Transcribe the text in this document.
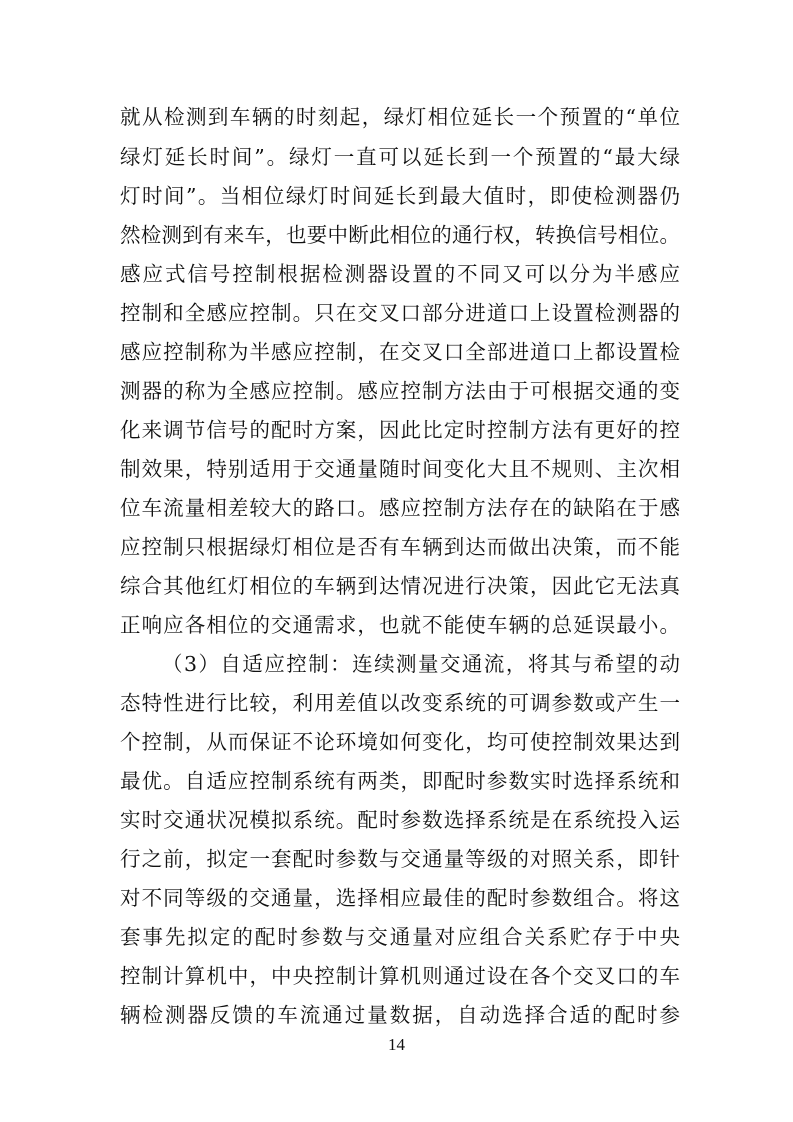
就从检测到车辆的时刻起，绿灯相位延长一个预置的“单位
绿灯延长时间”。绿灯一直可以延长到一个预置的“最大绿
灯时间”。当相位绿灯时间延长到最大值时，即使检测器仍
然检测到有来车，也要中断此相位的通行权，转换信号相位。
感应式信号控制根据检测器设置的不同又可以分为半感应
控制和全感应控制。只在交叉口部分进道口上设置检测器的
感应控制称为半感应控制，在交叉口全部进道口上都设置检
测器的称为全感应控制。感应控制方法由于可根据交通的变
化来调节信号的配时方案，因此比定时控制方法有更好的控
制效果，特别适用于交通量随时间变化大且不规则、主次相
位车流量相差较大的路口。感应控制方法存在的缺陷在于感
应控制只根据绿灯相位是否有车辆到达而做出决策，而不能
综合其他红灯相位的车辆到达情况进行决策，因此它无法真
正响应各相位的交通需求，也就不能使车辆的总延误最小。
（3）自适应控制：连续测量交通流，将其与希望的动
态特性进行比较，利用差值以改变系统的可调参数或产生一
个控制，从而保证不论环境如何变化，均可使控制效果达到
最优。自适应控制系统有两类，即配时参数实时选择系统和
实时交通状况模拟系统。配时参数选择系统是在系统投入运
行之前，拟定一套配时参数与交通量等级的对照关系，即针
对不同等级的交通量，选择相应最佳的配时参数组合。将这
套事先拟定的配时参数与交通量对应组合关系贮存于中央
控制计算机中，中央控制计算机则通过设在各个交叉口的车
辆检测器反馈的车流通过量数据，自动选择合适的配时参
14
